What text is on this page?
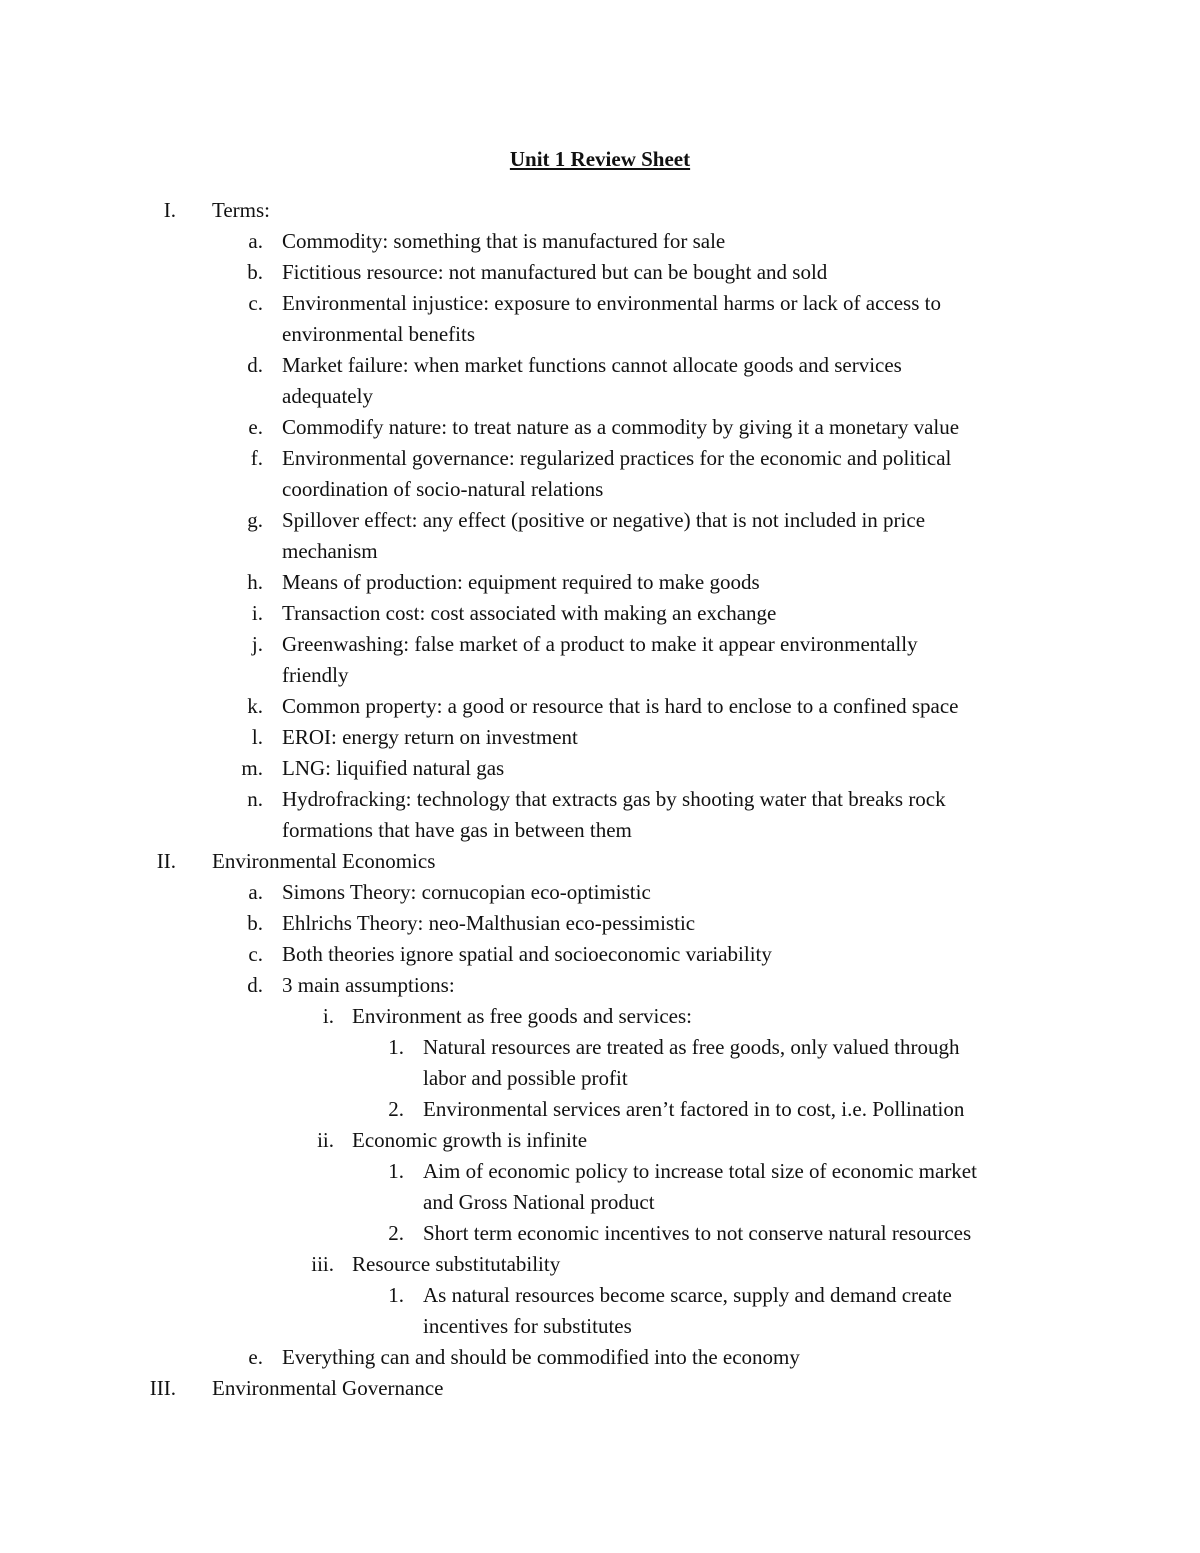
Unit 1 Review Sheet
I. Terms:
a. Commodity: something that is manufactured for sale
b. Fictitious resource: not manufactured but can be bought and sold
c. Environmental injustice: exposure to environmental harms or lack of access to
environmental benefits
d. Market failure: when market functions cannot allocate goods and services
adequately
e. Commodify nature: to treat nature as a commodity by giving it a monetary value
f. Environmental governance: regularized practices for the economic and political
coordination of socio-natural relations
g. Spillover effect: any effect (positive or negative) that is not included in price
mechanism
h. Means of production: equipment required to make goods
i. Transaction cost: cost associated with making an exchange
j. Greenwashing: false market of a product to make it appear environmentally
friendly
k. Common property: a good or resource that is hard to enclose to a confined space
l. EROI: energy return on investment
m. LNG: liquified natural gas
n. Hydrofracking: technology that extracts gas by shooting water that breaks rock
formations that have gas in between them
II. Environmental Economics
a. Simons Theory: cornucopian eco-optimistic
b. Ehlrichs Theory: neo-Malthusian eco-pessimistic
c. Both theories ignore spatial and socioeconomic variability
d. 3 main assumptions:
i. Environment as free goods and services:
1. Natural resources are treated as free goods, only valued through
labor and possible profit
2. Environmental services aren’t factored in to cost, i.e. Pollination
ii. Economic growth is infinite
1. Aim of economic policy to increase total size of economic market
and Gross National product
2. Short term economic incentives to not conserve natural resources
iii. Resource substitutability
1. As natural resources become scarce, supply and demand create
incentives for substitutes
e. Everything can and should be commodified into the economy
III. Environmental Governance
